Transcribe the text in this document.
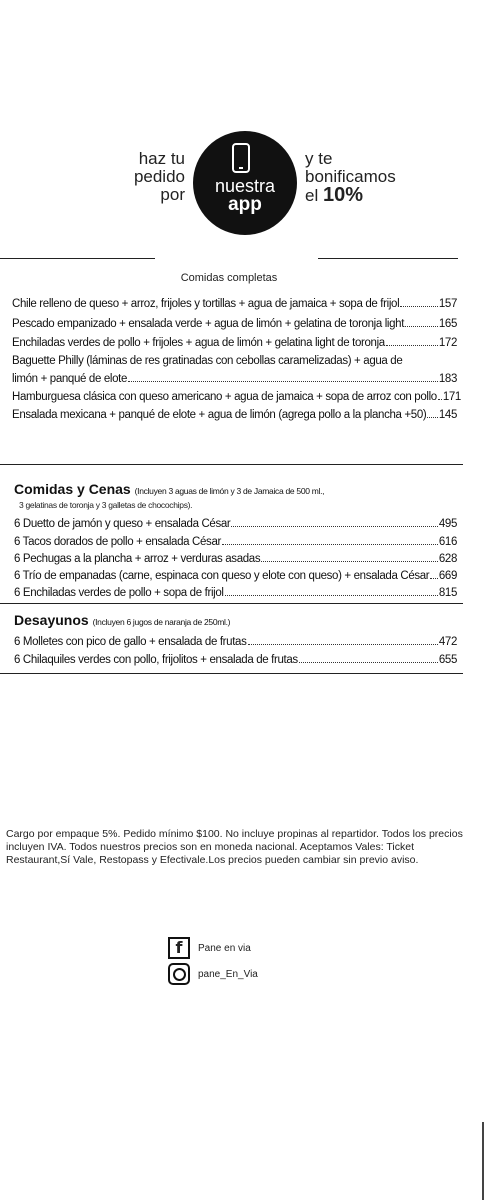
haz tu
pedido
por	nuestra
app
y te
bonificamos
el 10%
Comidas completas
Chile relleno de queso + arroz, frijoles y tortillas + agua de jamaica + sopa de frijol	157
Pescado empanizado + ensalada verde + agua de limón + gelatina de toronja light	165
Enchiladas verdes de pollo + frijoles + agua de limón + gelatina light de toronja	172
Baguette Philly (láminas de res gratinadas con cebollas caramelizadas) + agua de
limón + panqué de elote	183
Hamburguesa clásica con queso americano + agua de jamaica + sopa de arroz con pollo 171
Ensalada mexicana + panqué de elote + agua de limón (agrega pollo a la plancha +50) 145
Comidas y Cenas (Incluyen 3 aguas de limón y 3 de Jamaica de 500 ml.,
3 gelatinas de toronja y 3 galletas de chocochips).
6 Duetto de jamón y queso + ensalada César	495
6 Tacos dorados de pollo + ensalada César	616
6 Pechugas a la plancha + arroz + verduras asadas	628
6 Trío de empanadas (carne, espinaca con queso y elote con queso) + ensalada César 669
6 Enchiladas verdes de pollo + sopa de frijol	815
Desayunos (Incluyen 6 jugos de naranja de 250ml.)
6 Molletes con pico de gallo + ensalada de frutas	472
6 Chilaquiles verdes con pollo, frijolitos + ensalada de frutas	655
Cargo por empaque 5%. Pedido mínimo $100. No incluye propinas al repartidor. Todos los precios incluyen IVA. Todos nuestros precios son en moneda nacional. Aceptamos Vales: Ticket Restaurant,Sí Vale, Restopass y Efectivale.Los precios pueden cambiar sin previo aviso.
f Pane en via
pane_En_Via
